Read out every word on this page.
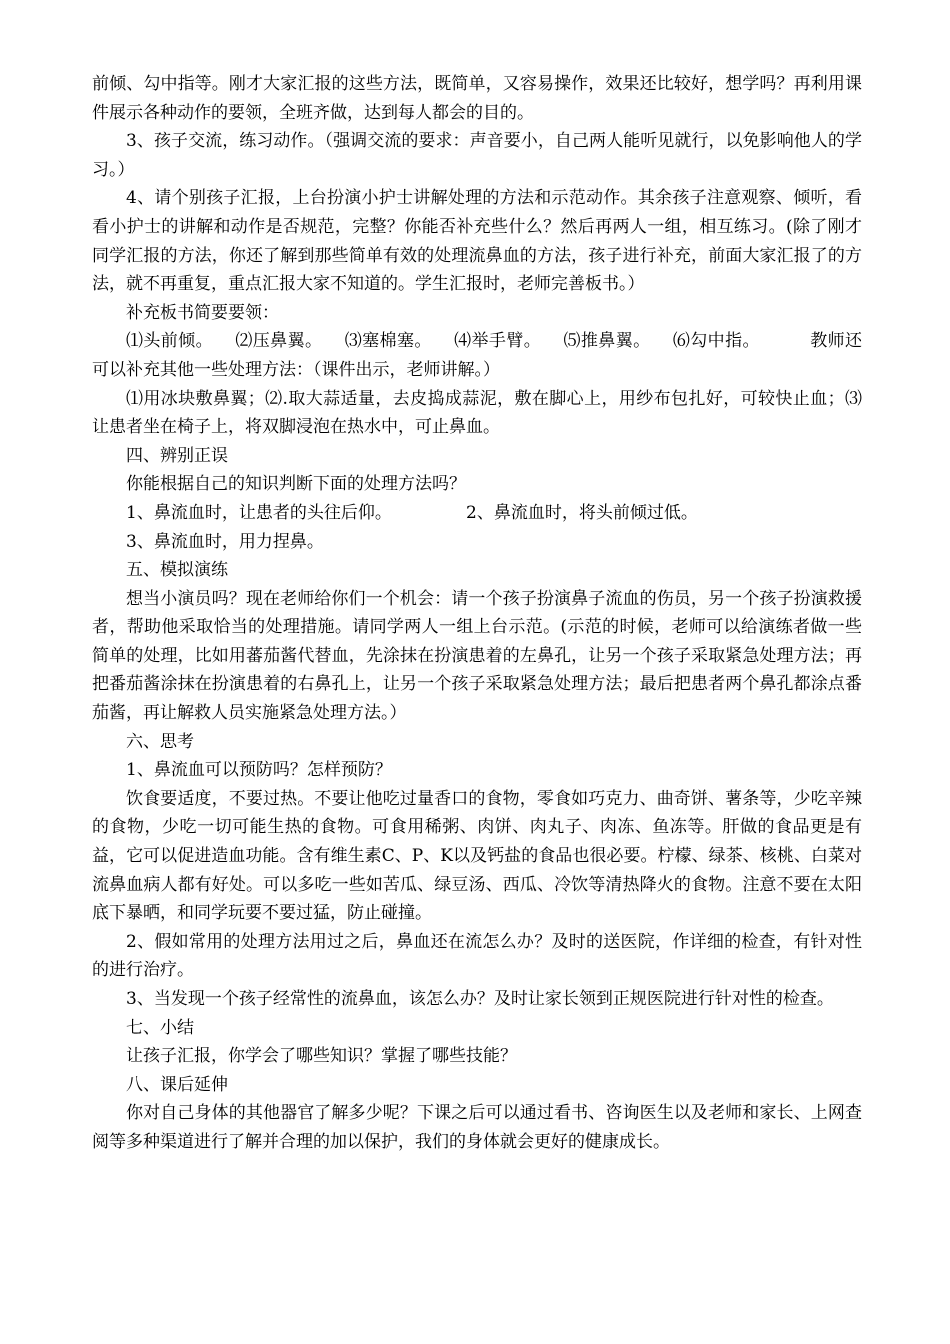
前倾、勾中指等。刚才大家汇报的这些方法，既简单，又容易操作，效果还比较好，想学吗？再利用课件展示各种动作的要领，全班齐做，达到每人都会的目的。

3、孩子交流，练习动作。（强调交流的要求：声音要小，自己两人能听见就行，以免影响他人的学习。）

4、请个别孩子汇报，上台扮演小护士讲解处理的方法和示范动作。其余孩子注意观察、倾听，看看小护士的讲解和动作是否规范，完整？你能否补充些什么？然后再两人一组，相互练习。(除了刚才同学汇报的方法，你还了解到那些简单有效的处理流鼻血的方法，孩子进行补充，前面大家汇报了的方法，就不再重复，重点汇报大家不知道的。学生汇报时，老师完善板书。）

补充板书简要要领：

⑴头前倾。 ⑵压鼻翼。 ⑶塞棉塞。 ⑷举手臂。 ⑸推鼻翼。 ⑹勾中指。	教师还可以补充其他一些处理方法：（课件出示，老师讲解。）

⑴用冰块敷鼻翼；⑵.取大蒜适量，去皮捣成蒜泥，敷在脚心上，用纱布包扎好，可较快止血；⑶让患者坐在椅子上，将双脚浸泡在热水中，可止鼻血。

四、辨别正误

你能根据自己的知识判断下面的处理方法吗？

1、鼻流血时，让患者的头往后仰。	2、鼻流血时，将头前倾过低。

3、鼻流血时，用力捏鼻。

五、模拟演练

想当小演员吗？现在老师给你们一个机会：请一个孩子扮演鼻子流血的伤员，另一个孩子扮演救援者，帮助他采取恰当的处理措施。请同学两人一组上台示范。(示范的时候，老师可以给演练者做一些简单的处理，比如用蕃茄酱代替血，先涂抹在扮演患着的左鼻孔，让另一个孩子采取紧急处理方法；再把番茄酱涂抹在扮演患着的右鼻孔上，让另一个孩子采取紧急处理方法；最后把患者两个鼻孔都涂点番茄酱，再让解救人员实施紧急处理方法。）

六、思考

1、鼻流血可以预防吗？怎样预防？

饮食要适度，不要过热。不要让他吃过量香口的食物，零食如巧克力、曲奇饼、薯条等，少吃辛辣的食物，少吃一切可能生热的食物。可食用稀粥、肉饼、肉丸子、肉冻、鱼冻等。肝做的食品更是有益，它可以促进造血功能。含有维生素C、P、K以及钙盐的食品也很必要。柠檬、绿茶、核桃、白菜对流鼻血病人都有好处。可以多吃一些如苦瓜、绿豆汤、西瓜、冷饮等清热降火的食物。注意不要在太阳底下暴晒，和同学玩要不要过猛，防止碰撞。

2、假如常用的处理方法用过之后，鼻血还在流怎么办？及时的送医院，作详细的检查，有针对性的进行治疗。

3、当发现一个孩子经常性的流鼻血，该怎么办？及时让家长领到正规医院进行针对性的检查。

七、小结

让孩子汇报，你学会了哪些知识？掌握了哪些技能？

八、课后延伸

你对自己身体的其他器官了解多少呢？下课之后可以通过看书、咨询医生以及老师和家长、上网查阅等多种渠道进行了解并合理的加以保护，我们的身体就会更好的健康成长。
